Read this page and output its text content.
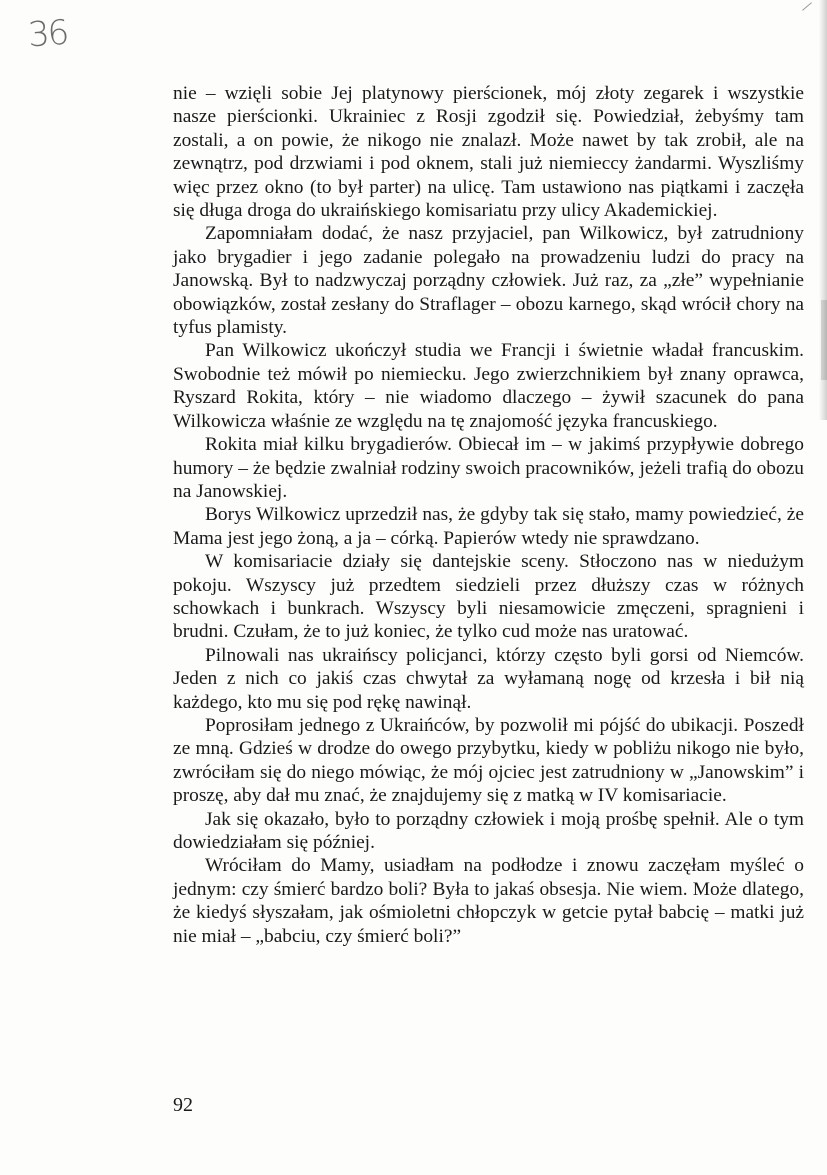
36

nie – wzięli sobie Jej platynowy pierścionek, mój złoty zegarek i wszystkie nasze pierścionki. Ukrainiec z Rosji zgodził się. Powiedział, żebyśmy tam zostali, a on powie, że nikogo nie znalazł. Może nawet by tak zrobił, ale na zewnątrz, pod drzwiami i pod oknem, stali już niemieccy żandarmi. Wyszliśmy więc przez okno (to był parter) na ulicę. Tam ustawiono nas piątkami i zaczęła się długa droga do ukraińskiego komisariatu przy ulicy Akademickiej.

Zapomniałam dodać, że nasz przyjaciel, pan Wilkowicz, był zatrudniony jako brygadier i jego zadanie polegało na prowadzeniu ludzi do pracy na Janowską. Był to nadzwyczaj porządny człowiek. Już raz, za „złe” wypełnianie obowiązków, został zesłany do Straflager – obozu karnego, skąd wrócił chory na tyfus plamisty.

Pan Wilkowicz ukończył studia we Francji i świetnie władał francuskim. Swobodnie też mówił po niemiecku. Jego zwierzchnikiem był znany oprawca, Ryszard Rokita, który – nie wiadomo dlaczego – żywił szacunek do pana Wilkowicza właśnie ze względu na tę znajomość języka francuskiego.

Rokita miał kilku brygadierów. Obiecał im – w jakimś przypływie dobrego humory – że będzie zwalniał rodziny swoich pracowników, jeżeli trafią do obozu na Janowskiej.

Borys Wilkowicz uprzedził nas, że gdyby tak się stało, mamy powiedzieć, że Mama jest jego żoną, a ja – córką. Papierów wtedy nie sprawdzano.

W komisariacie działy się dantejskie sceny. Stłoczono nas w niedużym pokoju. Wszyscy już przedtem siedzieli przez dłuższy czas w różnych schowkach i bunkrach. Wszyscy byli niesamowicie zmęczeni, spragnieni i brudni. Czułam, że to już koniec, że tylko cud może nas uratować.

Pilnowali nas ukraińscy policjanci, którzy często byli gorsi od Niemców. Jeden z nich co jakiś czas chwytał za wyłamaną nogę od krzesła i bił nią każdego, kto mu się pod rękę nawinął.

Poprosiłam jednego z Ukraińców, by pozwolił mi pójść do ubikacji. Poszedł ze mną. Gdzieś w drodze do owego przybytku, kiedy w pobliżu nikogo nie było, zwróciłam się do niego mówiąc, że mój ojciec jest zatrudniony w „Janowskim” i proszę, aby dał mu znać, że znajdujemy się z matką w IV komisariacie.

Jak się okazało, było to porządny człowiek i moją prośbę spełnił. Ale o tym dowiedziałam się później.

Wróciłam do Mamy, usiadłam na podłodze i znowu zaczęłam myśleć o jednym: czy śmierć bardzo boli? Była to jakaś obsesja. Nie wiem. Może dlatego, że kiedyś słyszałam, jak ośmioletni chłopczyk w getcie pytał babcię – matki już nie miał – „babciu, czy śmierć boli?”

92
